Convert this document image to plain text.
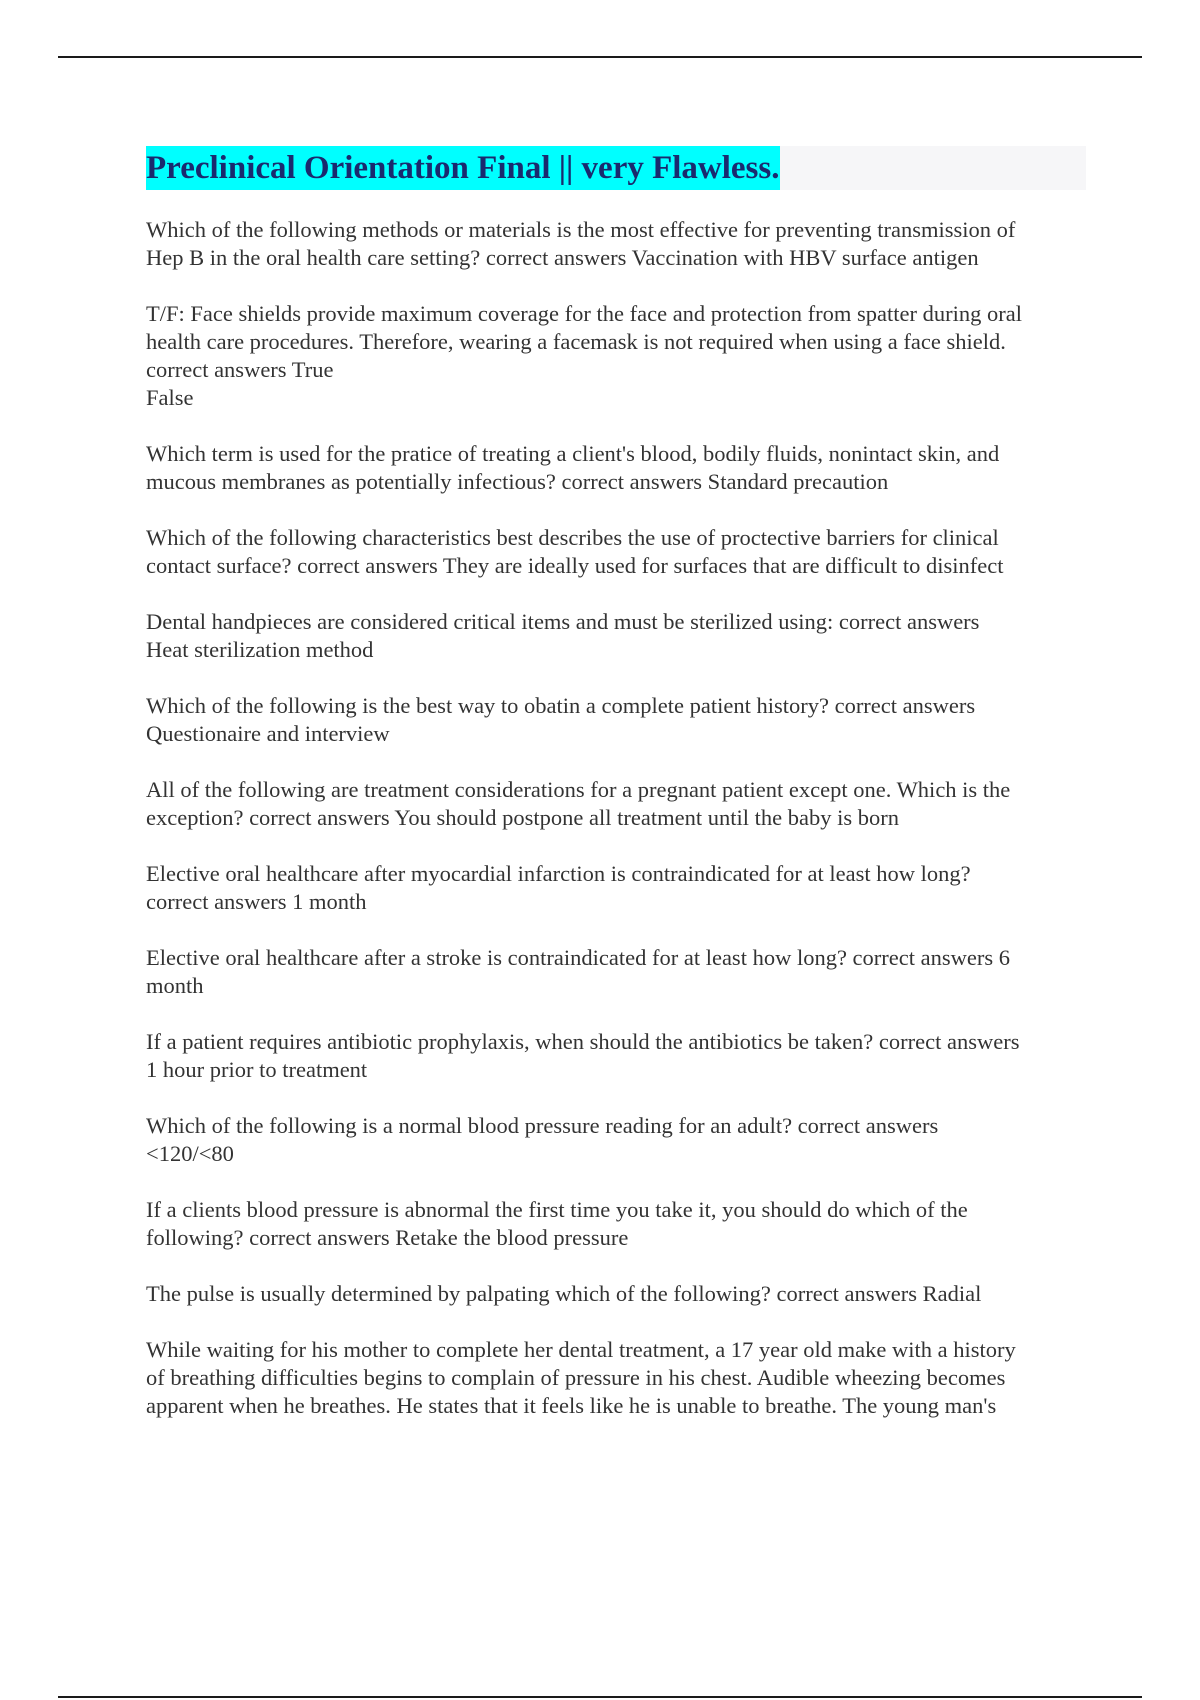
Preclinical Orientation Final || very Flawless.

Which of the following methods or materials is the most effective for preventing transmission of
Hep B in the oral health care setting? correct answers Vaccination with HBV surface antigen

T/F: Face shields provide maximum coverage for the face and protection from spatter during oral
health care procedures. Therefore, wearing a facemask is not required when using a face shield.
correct answers True
False

Which term is used for the pratice of treating a client's blood, bodily fluids, nonintact skin, and
mucous membranes as potentially infectious? correct answers Standard precaution

Which of the following characteristics best describes the use of proctective barriers for clinical
contact surface? correct answers They are ideally used for surfaces that are difficult to disinfect

Dental handpieces are considered critical items and must be sterilized using: correct answers
Heat sterilization method

Which of the following is the best way to obatin a complete patient history? correct answers
Questionaire and interview

All of the following are treatment considerations for a pregnant patient except one. Which is the
exception? correct answers You should postpone all treatment until the baby is born

Elective oral healthcare after myocardial infarction is contraindicated for at least how long?
correct answers 1 month

Elective oral healthcare after a stroke is contraindicated for at least how long? correct answers 6
month

If a patient requires antibiotic prophylaxis, when should the antibiotics be taken? correct answers
1 hour prior to treatment

Which of the following is a normal blood pressure reading for an adult? correct answers
<120/<80

If a clients blood pressure is abnormal the first time you take it, you should do which of the
following? correct answers Retake the blood pressure

The pulse is usually determined by palpating which of the following? correct answers Radial

While waiting for his mother to complete her dental treatment, a 17 year old make with a history
of breathing difficulties begins to complain of pressure in his chest. Audible wheezing becomes
apparent when he breathes. He states that it feels like he is unable to breathe. The young man's
